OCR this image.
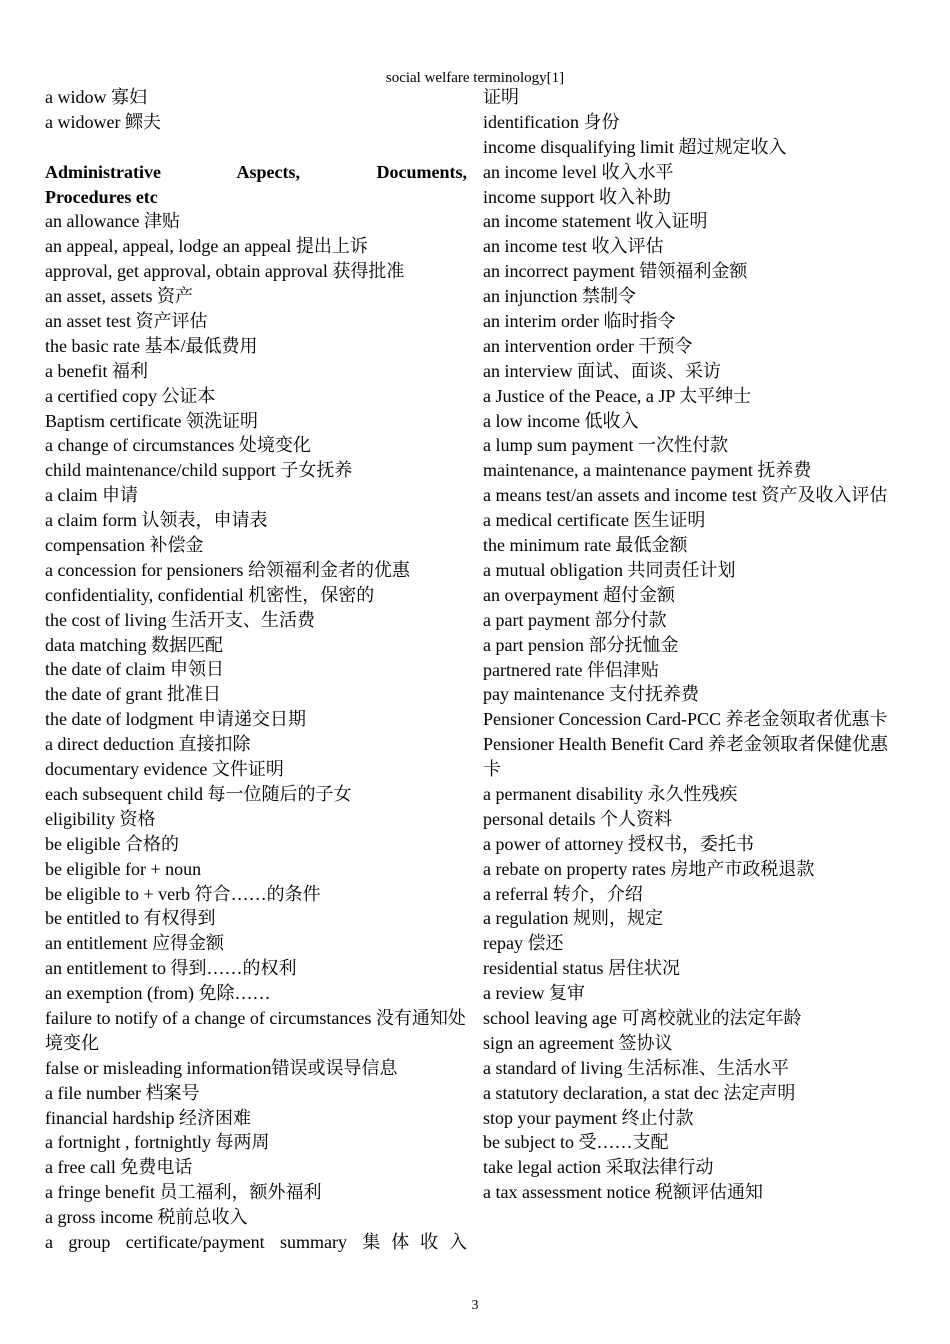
social welfare terminology[1]
a widow 寡妇
a widower 鳏夫
Administrative Aspects, Documents,
Procedures etc
an allowance 津贴
an appeal, appeal, lodge an appeal 提出上诉
approval, get approval, obtain approval 获得批准
an asset, assets 资产
an asset test 资产评估
the basic rate 基本/最低费用
a benefit 福利
a certified copy 公证本
Baptism certificate 领洗证明
a change of circumstances 处境变化
child maintenance/child support 子女抚养
a claim 申请
a claim form 认领表，申请表
compensation 补偿金
a concession for pensioners 给领福利金者的优惠
confidentiality, confidential 机密性，保密的
the cost of living 生活开支、生活费
data matching 数据匹配
the date of claim 申领日
the date of grant 批准日
the date of lodgment 申请递交日期
a direct deduction 直接扣除
documentary evidence 文件证明
each subsequent child 每一位随后的子女
eligibility 资格
be eligible 合格的
be eligible for + noun
be eligible to + verb 符合……的条件
be entitled to 有权得到
an entitlement 应得金额
an entitlement to 得到……的权利
an exemption (from) 免除……
failure to notify of a change of circumstances 没有通知处境变化
false or misleading information错误或误导信息
a file number 档案号
financial hardship 经济困难
a fortnight , fortnightly 每两周
a free call 免费电话
a fringe benefit 员工福利，额外福利
a gross income 税前总收入
a group certificate/payment summary 集体收入
证明
identification 身份
income disqualifying limit 超过规定收入
an income level 收入水平
income support 收入补助
an income statement 收入证明
an income test 收入评估
an incorrect payment 错领福利金额
an injunction 禁制令
an interim order 临时指令
an intervention order 干预令
an interview 面试、面谈、采访
a Justice of the Peace, a JP 太平绅士
a low income 低收入
a lump sum payment 一次性付款
maintenance, a maintenance payment 抚养费
a means test/an assets and income test 资产及收入评估
a medical certificate 医生证明
the minimum rate 最低金额
a mutual obligation 共同责任计划
an overpayment 超付金额
a part payment 部分付款
a part pension 部分抚恤金
partnered rate 伴侣津贴
pay maintenance 支付抚养费
Pensioner Concession Card-PCC 养老金领取者优惠卡
Pensioner Health Benefit Card 养老金领取者保健优惠卡
a permanent disability 永久性残疾
personal details 个人资料
a power of attorney 授权书，委托书
a rebate on property rates 房地产市政税退款
a referral 转介，介绍
a regulation 规则，规定
repay 偿还
residential status 居住状况
a review 复审
school leaving age 可离校就业的法定年龄
sign an agreement 签协议
a standard of living 生活标准、生活水平
a statutory declaration, a stat dec 法定声明
stop your payment 终止付款
be subject to 受……支配
take legal action 采取法律行动
a tax assessment notice 税额评估通知
3
